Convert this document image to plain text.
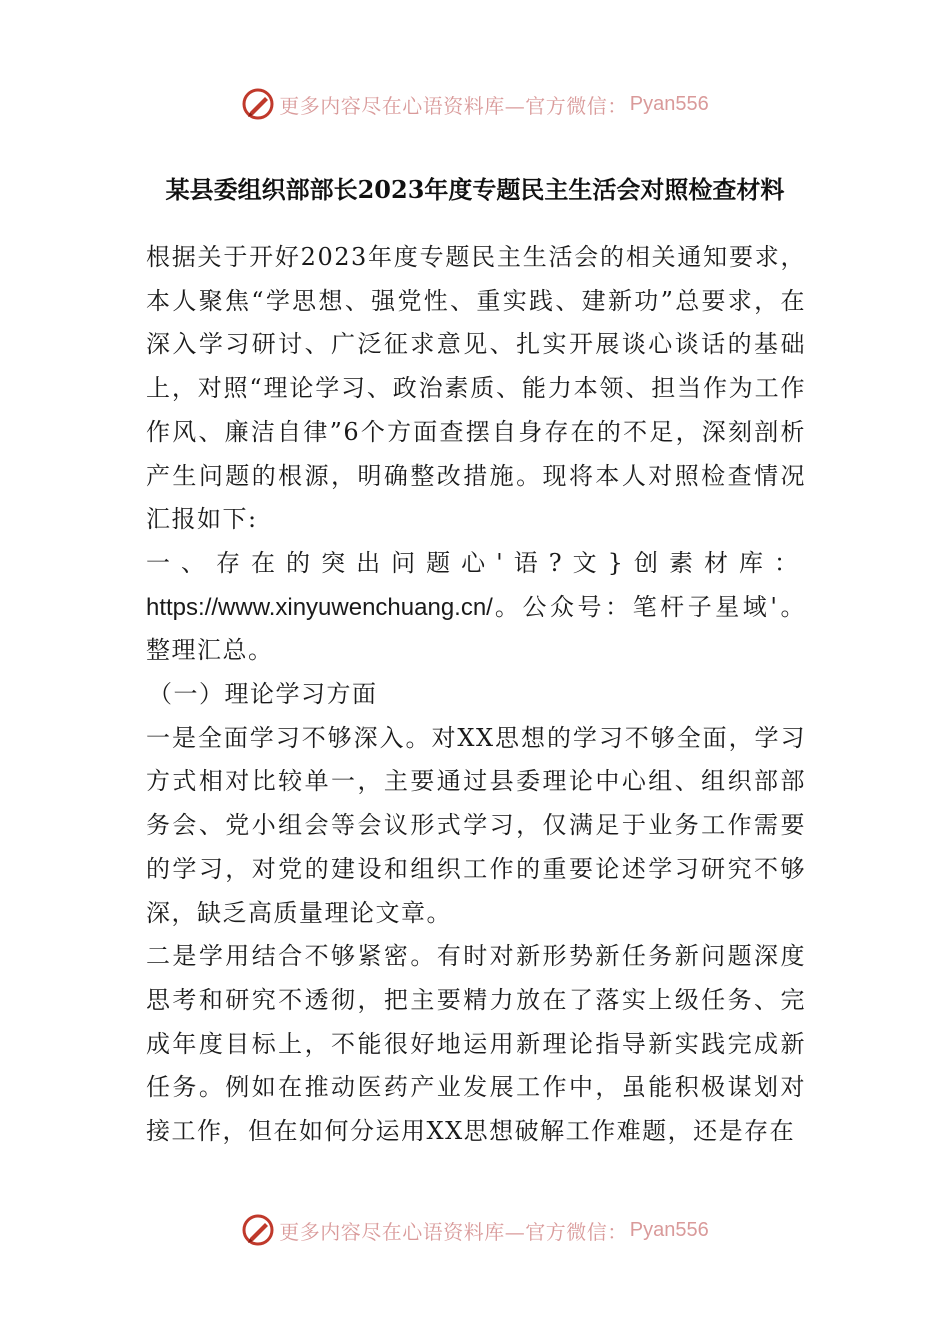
更多内容尽在心语资料库—官方微信： Pyan556
某县委组织部部长2023年度专题民主生活会对照检查材料

根据关于开好2023年度专题民主生活会的相关通知要求，本人聚焦“学思想、强党性、重实践、建新功”总要求，在深入学习研讨、广泛征求意见、扎实开展谈心谈话的基础上，对照“理论学习、政治素质、能力本领、担当作为工作作风、廉洁自律”6个方面查摆自身存在的不足，深刻剖析产生问题的根源，明确整改措施。现将本人对照检查情况汇报如下:

一、存在的突出问题心'语?文}创素材库：https://www.xinyuwenchuang.cn/。公众号：笔杆子星域'。整理汇总。

（一）理论学习方面

一是全面学习不够深入。对XX思想的学习不够全面，学习方式相对比较单一，主要通过县委理论中心组、组织部部务会、党小组会等会议形式学习，仅满足于业务工作需要的学习，对党的建设和组织工作的重要论述学习研究不够深，缺乏高质量理论文章。

二是学用结合不够紧密。有时对新形势新任务新问题深度思考和研究不透彻，把主要精力放在了落实上级任务、完成年度目标上，不能很好地运用新理论指导新实践完成新任务。例如在推动医药产业发展工作中，虽能积极谋划对接工作，但在如何分运用XX思想破解工作难题，还是存在

更多内容尽在心语资料库—官方微信： Pyan556
